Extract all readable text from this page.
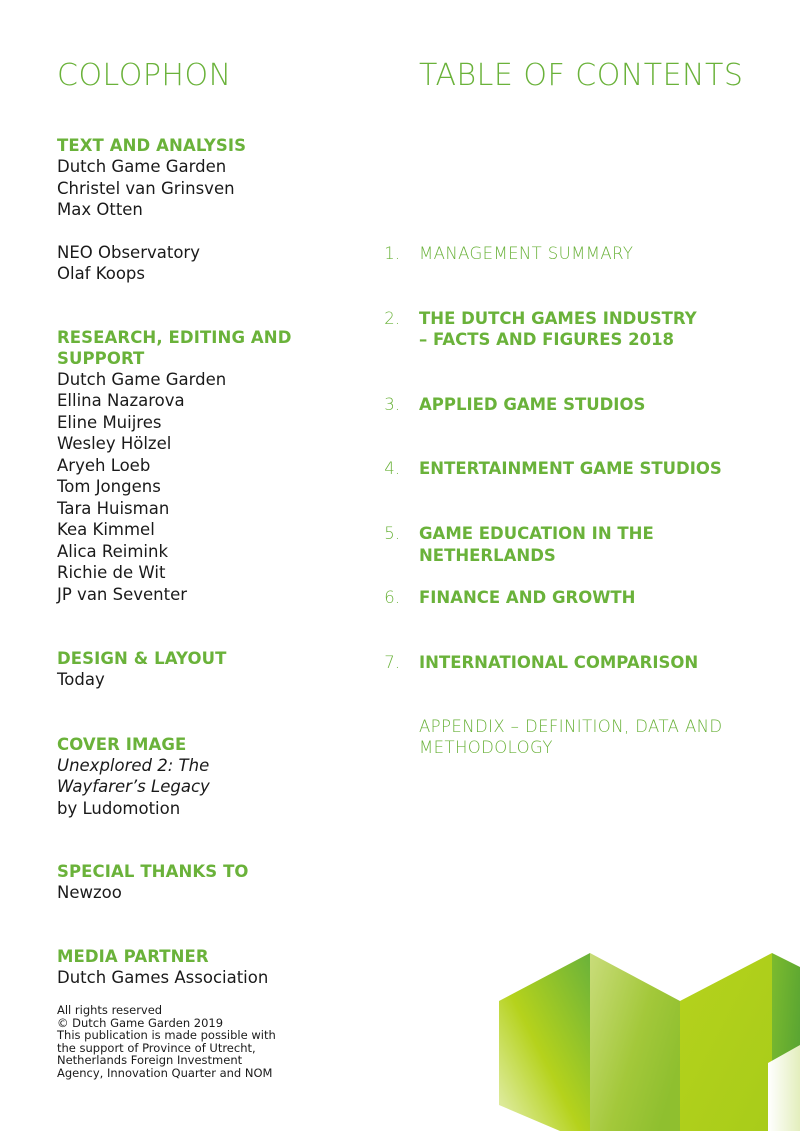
COLOPHON	TABLE OF CONTENTS

TEXT AND ANALYSIS

Dutch Game Garden

Christel van Grinsven

Max Otten

NEO Observatory

Olaf Koops

RESEARCH, EDITING AND

SUPPORT

Dutch Game Garden

Ellina Nazarova

Eline Muijres

Wesley Hölzel

Aryeh Loeb

Tom Jongens

Tara Huisman

Kea Kimmel

Alica Reimink

Richie de Wit

JP van Seventer

DESIGN & LAYOUT

Today

COVER IMAGE

Unexplored 2: The

Wayfarer’s Legacy

by Ludomotion

SPECIAL THANKS TO

Newzoo

MEDIA PARTNER

Dutch Games Association

All rights reserved

© Dutch Game Garden 2019

This publication is made possible with

the support of Province of Utrecht,

Netherlands Foreign Investment

Agency, Innovation Quarter and NOM

1. MANAGEMENT SUMMARY
2. THE DUTCH GAMES INDUSTRY
– FACTS AND FIGURES 2018
3. APPLIED GAME STUDIOS
4. ENTERTAINMENT GAME STUDIOS
5. GAME EDUCATION IN THE NETHERLANDS
6. FINANCE AND GROWTH
7. INTERNATIONAL COMPARISON
APPENDIX – DEFINITION, DATA AND
METHODOLOGY
